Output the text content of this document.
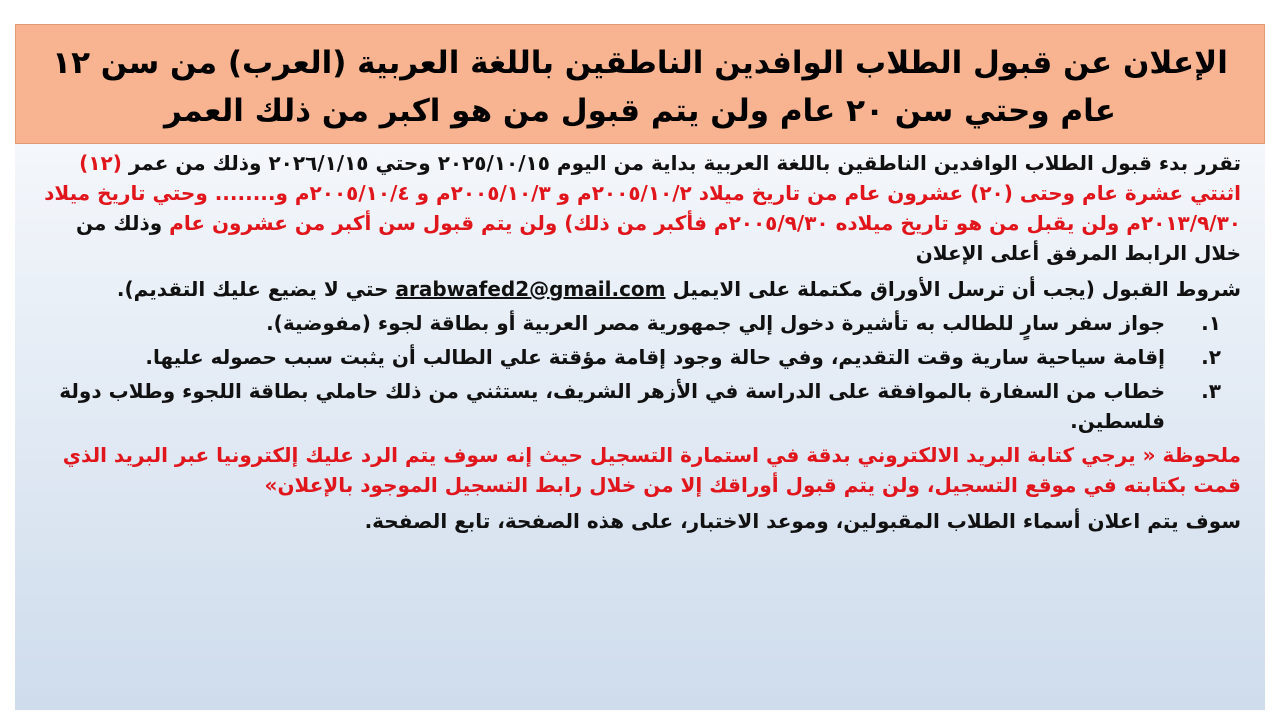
الإعلان عن قبول الطلاب الوافدين الناطقين باللغة العربية (العرب) من سن ١٢
عام وحتي سن ٢٠ عام ولن يتم قبول من هو اكبر من ذلك العمر

تقرر بدء قبول الطلاب الوافدين الناطقين باللغة العربية بداية من اليوم ٢٠٢٥/١٠/١٥ وحتي ٢٠٢٦/١/١٥ وذلك من عمر (١٢) اثنتي عشرة عام وحتى (٢٠) عشرون عام من تاريخ ميلاد ٢٠٠٥/١٠/٢م و ٢٠٠٥/١٠/٣م و ٢٠٠٥/١٠/٤م و........ وحتي تاريخ ميلاد ٢٠١٣/٩/٣٠م ولن يقبل من هو تاريخ ميلاده ٢٠٠٥/٩/٣٠م فأكبر من ذلك) ولن يتم قبول سن أكبر من عشرون عام وذلك من خلال الرابط المرفق أعلى الإعلان

شروط القبول (يجب أن ترسل الأوراق مكتملة على الايميل arabwafed2@gmail.com حتي لا يضيع عليك التقديم).

١.
جواز سفر سارٍ للطالب به تأشيرة دخول إلي جمهورية مصر العربية أو بطاقة لجوء (مفوضية).
٢.
إقامة سياحية سارية وقت التقديم، وفي حالة وجود إقامة مؤقتة علي الطالب أن يثبت سبب حصوله عليها.
٣.
خطاب من السفارة بالموافقة على الدراسة في الأزهر الشريف، يستثني من ذلك حاملي بطاقة اللجوء وطلاب دولة فلسطين.

ملحوظة « يرجي كتابة البريد الالكتروني بدقة في استمارة التسجيل حيث إنه سوف يتم الرد عليك إلكترونيا عبر البريد الذي قمت بكتابته في موقع التسجيل، ولن يتم قبول أوراقك إلا من خلال رابط التسجيل الموجود بالإعلان»

سوف يتم اعلان أسماء الطلاب المقبولين، وموعد الاختبار، على هذه الصفحة، تابع الصفحة.
